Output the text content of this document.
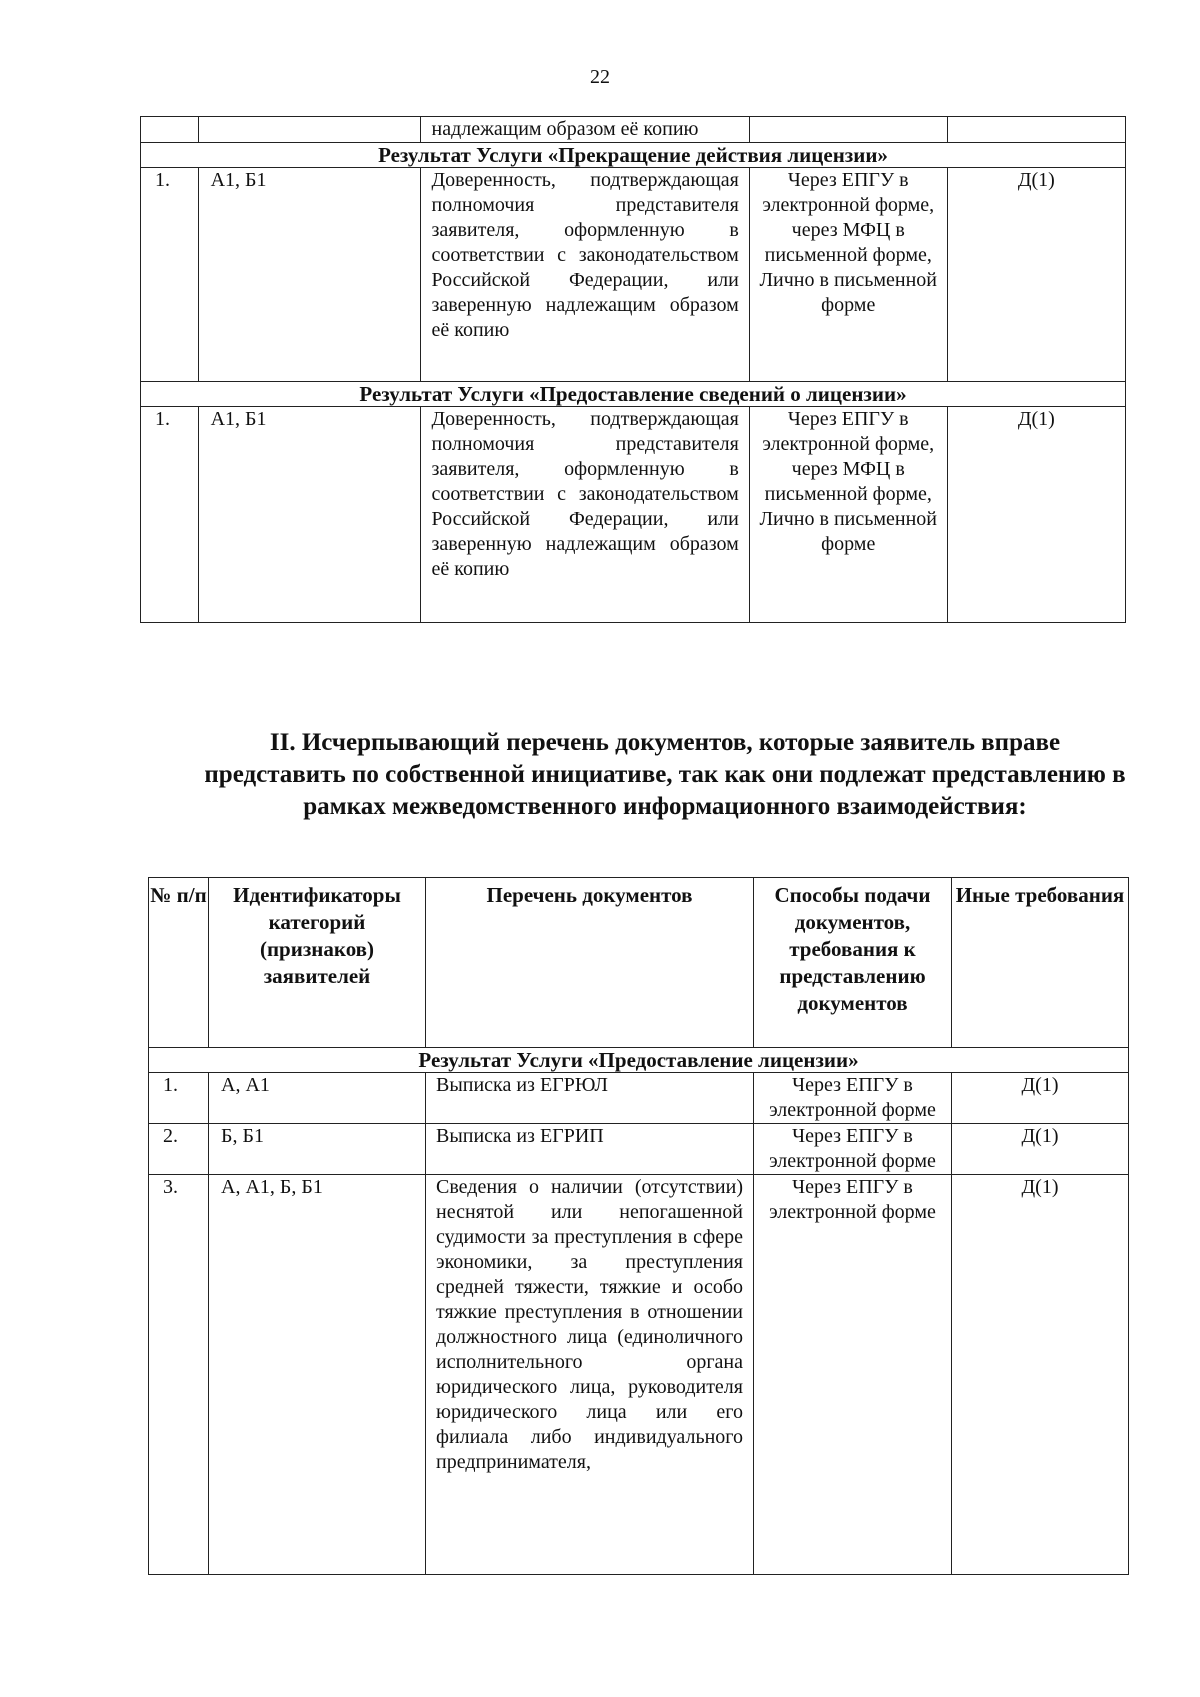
22
		надлежащим образом её копию		
Результат Услуги «Прекращение действия лицензии»				
1.	А1, Б1	Доверенность, подтверждающая полномочия представителя заявителя, оформленную в соответствии с законодательством Российской Федерации, или заверенную надлежащим образом её копию	Через ЕПГУ в электронной форме, через МФЦ в письменной форме, Лично в письменной форме	Д(1)
Результат Услуги «Предоставление сведений о лицензии»				
1.	А1, Б1	Доверенность, подтверждающая полномочия представителя заявителя, оформленную в соответствии с законодательством Российской Федерации, или заверенную надлежащим образом её копию	Через ЕПГУ в электронной форме, через МФЦ в письменной форме, Лично в письменной форме	Д(1)

II. Исчерпывающий перечень документов, которые заявитель вправе представить по собственной инициативе, так как они подлежат представлению в рамках межведомственного информационного взаимодействия:

№ п/п	Идентификаторы категорий (признаков) заявителей	Перечень документов	Способы подачи документов, требования к представлению документов	Иные требования
Результат Услуги «Предоставление лицензии»				
1.	А, А1	Выписка из ЕГРЮЛ	Через ЕПГУ в электронной форме	Д(1)
2.	Б, Б1	Выписка из ЕГРИП	Через ЕПГУ в электронной форме	Д(1)
3.	А, А1, Б, Б1	Сведения о наличии (отсутствии) неснятой или непогашенной судимости за преступления в сфере экономики, за преступления средней тяжести, тяжкие и особо тяжкие преступления в отношении должностного лица (единоличного исполнительного органа юридического лица, руководителя юридического лица или его филиала либо индивидуального предпринимателя,	Через ЕПГУ в электронной форме	Д(1)
